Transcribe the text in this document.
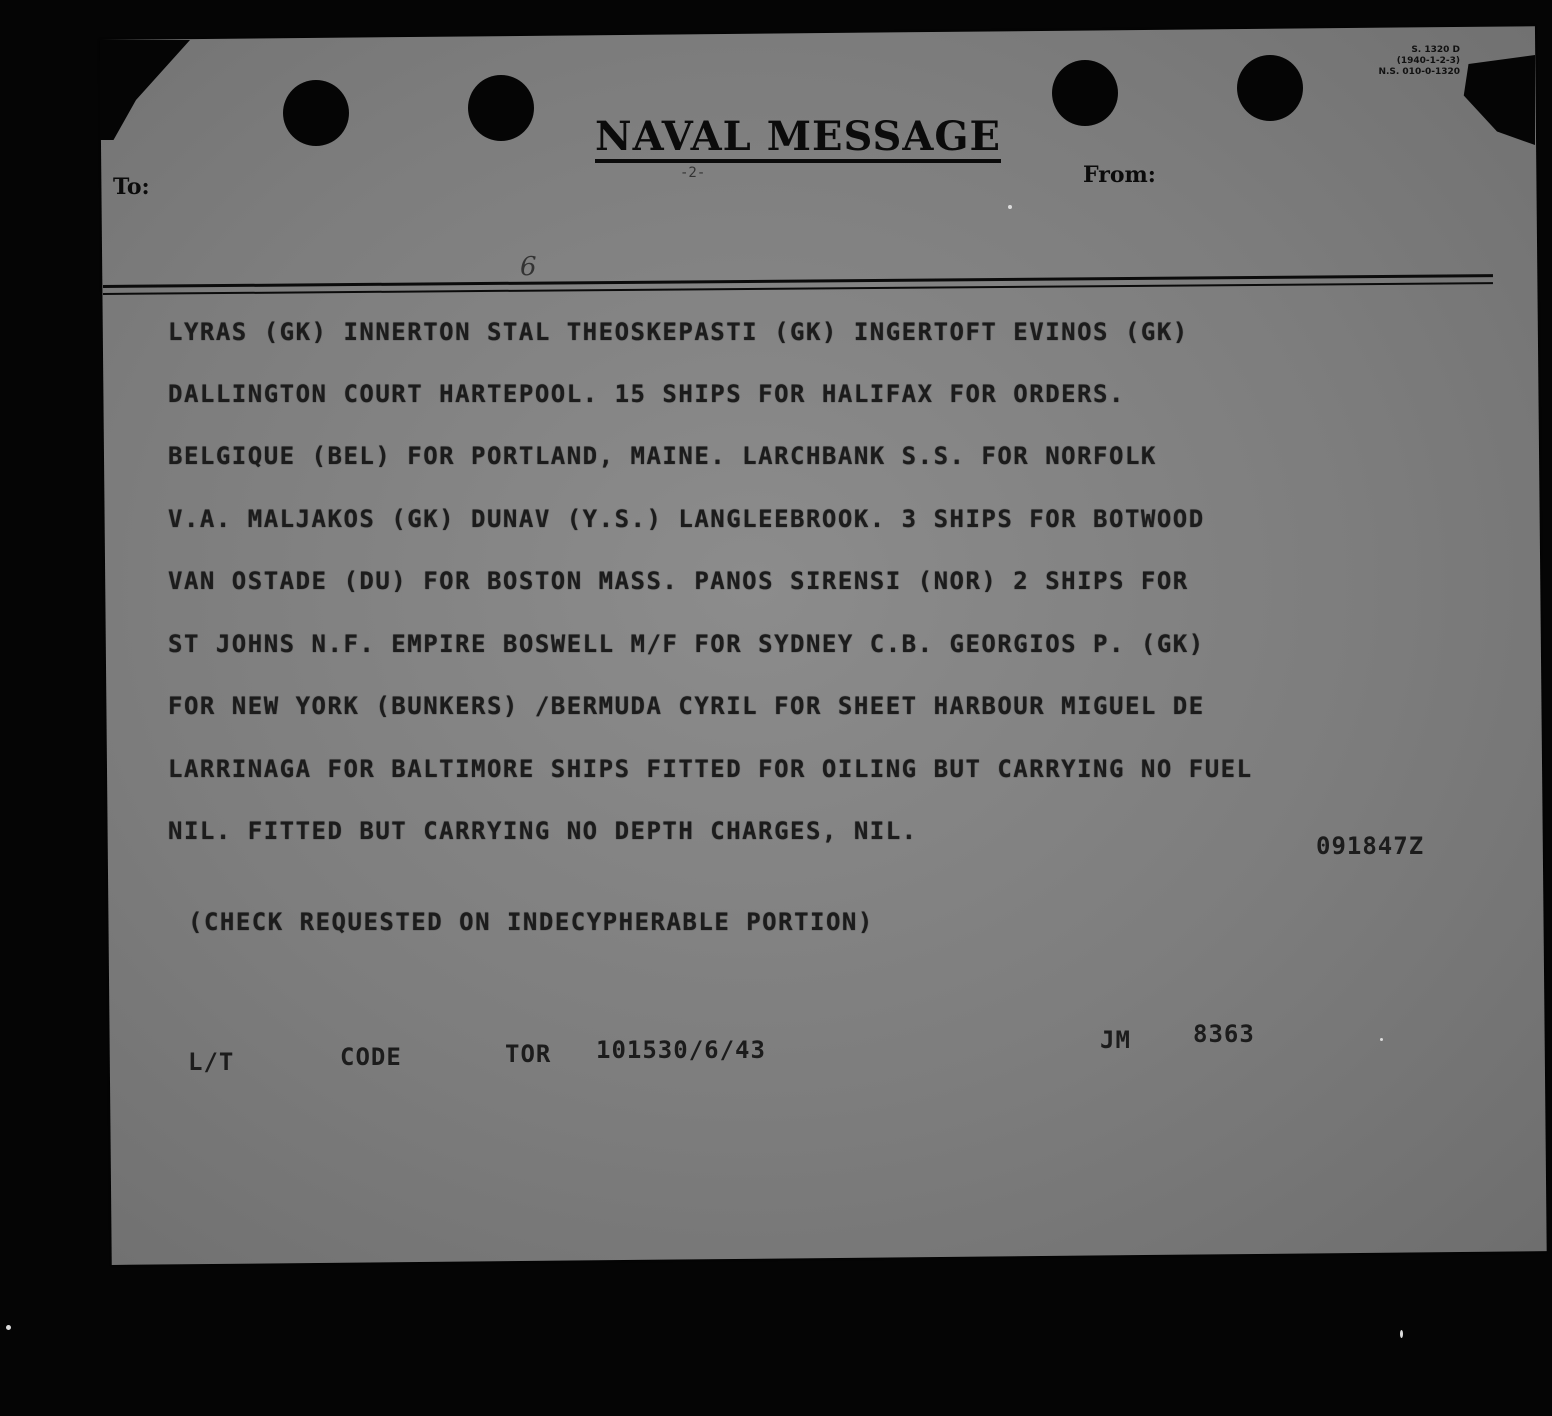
S. 1320 D
(1940-1-2-3)
N.S. 010-0-1320
NAVAL MESSAGE
-2-
To:	From:
6
LYRAS (GK) INNERTON STAL THEOSKEPASTI (GK) INGERTOFT EVINOS (GK)
DALLINGTON COURT HARTEPOOL. 15 SHIPS FOR HALIFAX FOR ORDERS.
BELGIQUE (BEL) FOR PORTLAND, MAINE. LARCHBANK S.S. FOR NORFOLK
V.A. MALJAKOS (GK) DUNAV (Y.S.) LANGLEEBROOK. 3 SHIPS FOR BOTWOOD
VAN OSTADE (DU) FOR BOSTON MASS. PANOS SIRENSI (NOR) 2 SHIPS FOR
ST JOHNS N.F. EMPIRE BOSWELL M/F FOR SYDNEY C.B. GEORGIOS P. (GK)
FOR NEW YORK (BUNKERS) /BERMUDA CYRIL FOR SHEET HARBOUR MIGUEL DE
LARRINAGA FOR BALTIMORE SHIPS FITTED FOR OILING BUT CARRYING NO FUEL
NIL. FITTED BUT CARRYING NO DEPTH CHARGES, NIL.
091847Z
(CHECK REQUESTED ON INDECYPHERABLE PORTION)
L/T	CODE	TOR 101530/6/43	JM	8363
